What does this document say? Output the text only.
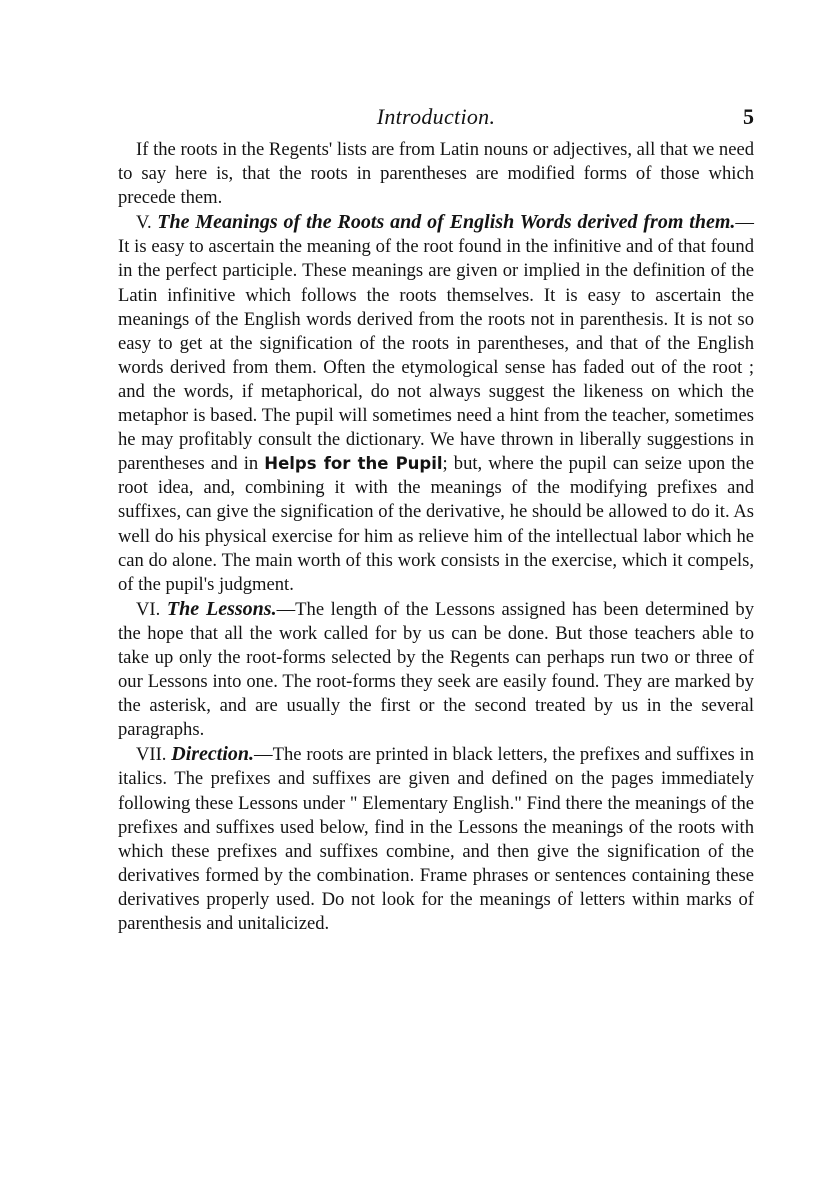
Introduction.	5

If the roots in the Regents' lists are from Latin nouns or adjectives, all that we need to say here is, that the roots in parentheses are modified forms of those which precede them.

V. The Meanings of the Roots and of English Words derived from them.—It is easy to ascertain the meaning of the root found in the infinitive and of that found in the perfect participle. These meanings are given or implied in the definition of the Latin infinitive which follows the roots themselves. It is easy to ascertain the meanings of the English words derived from the roots not in parenthesis. It is not so easy to get at the signification of the roots in parentheses, and that of the English words derived from them. Often the etymological sense has faded out of the root ; and the words, if metaphorical, do not always suggest the likeness on which the metaphor is based. The pupil will sometimes need a hint from the teacher, sometimes he may profitably consult the dictionary. We have thrown in liberally suggestions in parentheses and in Helps for the Pupil; but, where the pupil can seize upon the root idea, and, combining it with the meanings of the modifying prefixes and suffixes, can give the signification of the derivative, he should be allowed to do it. As well do his physical exercise for him as relieve him of the intellectual labor which he can do alone. The main worth of this work consists in the exercise, which it compels, of the pupil's judgment.

VI. The Lessons.—The length of the Lessons assigned has been determined by the hope that all the work called for by us can be done. But those teachers able to take up only the root-forms selected by the Regents can perhaps run two or three of our Lessons into one. The root-forms they seek are easily found. They are marked by the asterisk, and are usually the first or the second treated by us in the several paragraphs.

VII. Direction.—The roots are printed in black letters, the prefixes and suffixes in italics. The prefixes and suffixes are given and defined on the pages immediately following these Lessons under " Elementary English." Find there the meanings of the prefixes and suffixes used below, find in the Lessons the meanings of the roots with which these prefixes and suffixes combine, and then give the signification of the derivatives formed by the combination. Frame phrases or sentences containing these derivatives properly used. Do not look for the meanings of letters within marks of parenthesis and unitalicized.
